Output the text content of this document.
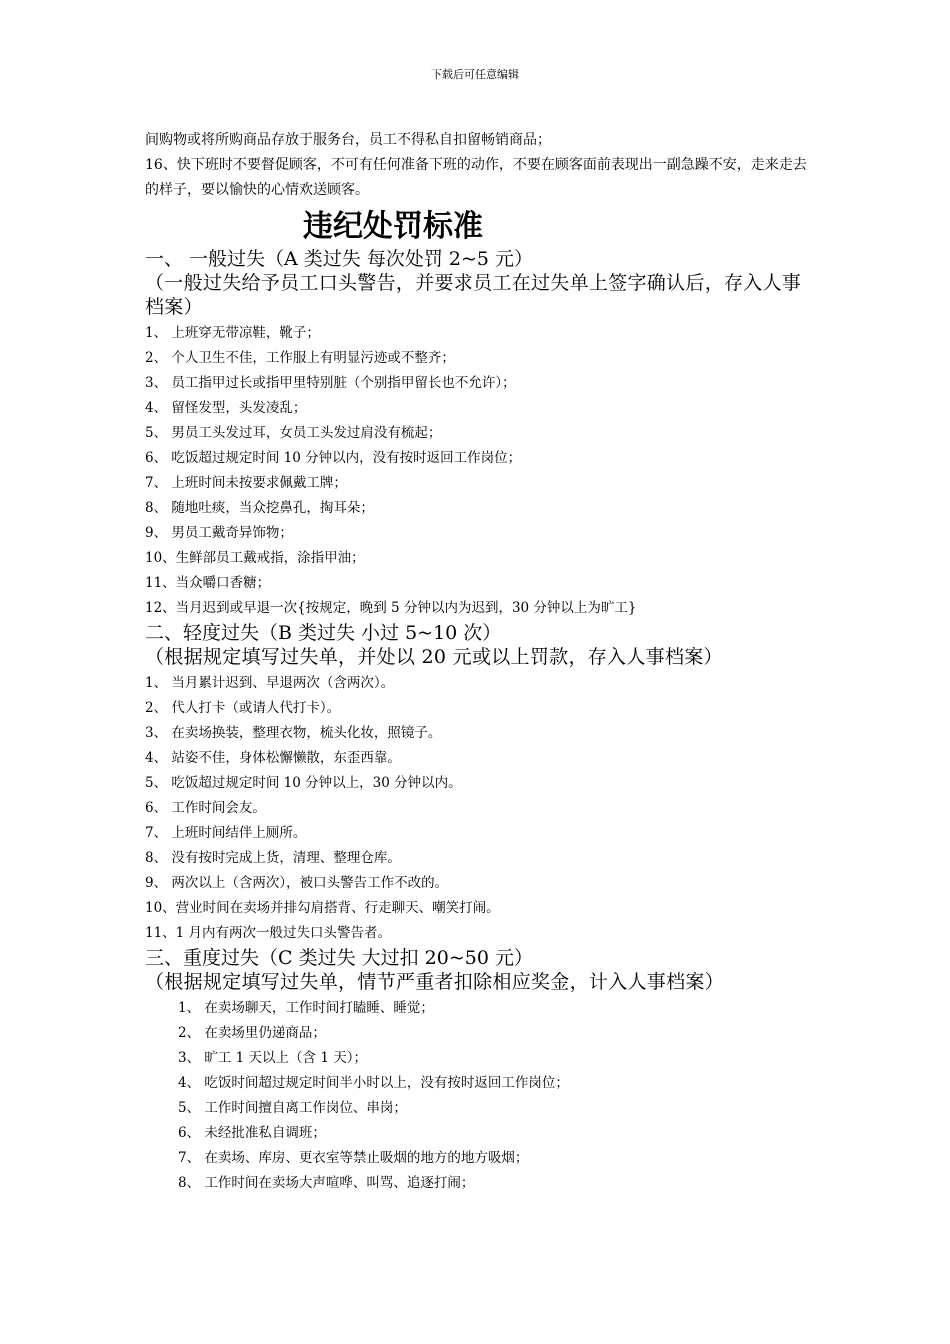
下载后可任意编辑

间购物或将所购商品存放于服务台，员工不得私自扣留畅销商品；

16、快下班时不要督促顾客，不可有任何准备下班的动作，不要在顾客面前表现出一副急躁不安，走来走去的样子，要以愉快的心情欢送顾客。

违纪处罚标准
一、 一般过失（A 类过失 每次处罚 2~5 元）
（一般过失给予员工口头警告，并要求员工在过失单上签字确认后，存入人事档案）
1、 上班穿无带凉鞋，靴子；
2、 个人卫生不佳，工作服上有明显污迹或不整齐；
3、 员工指甲过长或指甲里特别脏（个别指甲留长也不允许）；
4、 留怪发型，头发凌乱；
5、 男员工头发过耳，女员工头发过肩没有梳起；
6、 吃饭超过规定时间 10 分钟以内，没有按时返回工作岗位；
7、 上班时间未按要求佩戴工牌；
8、 随地吐痰，当众挖鼻孔，掏耳朵；
9、 男员工戴奇异饰物；
10、生鲜部员工戴戒指，涂指甲油；
11、当众嚼口香糖；
12、当月迟到或早退一次{按规定，晚到 5 分钟以内为迟到，30 分钟以上为旷工}
二、轻度过失（B 类过失 小过 5~10 次）
（根据规定填写过失单，并处以 20 元或以上罚款，存入人事档案）
1、 当月累计迟到、早退两次（含两次）。
2、 代人打卡（或请人代打卡）。
3、 在卖场换装，整理衣物，梳头化妆，照镜子。
4、 站姿不佳，身体松懈懒散，东歪西靠。
5、 吃饭超过规定时间 10 分钟以上，30 分钟以内。
6、 工作时间会友。
7、 上班时间结伴上厕所。
8、 没有按时完成上货，清理、整理仓库。
9、 两次以上（含两次），被口头警告工作不改的。
10、营业时间在卖场并排勾肩搭背、行走聊天、嘲笑打闹。
11、1 月内有两次一般过失口头警告者。
三、重度过失（C 类过失 大过扣 20~50 元）
（根据规定填写过失单，情节严重者扣除相应奖金，计入人事档案）
1、 在卖场聊天，工作时间打瞌睡、睡觉；
2、 在卖场里仍递商品；
3、 旷工 1 天以上（含 1 天）；
4、 吃饭时间超过规定时间半小时以上，没有按时返回工作岗位；
5、 工作时间擅自离工作岗位、串岗；
6、 未经批准私自调班；
7、 在卖场、库房、更衣室等禁止吸烟的地方的地方吸烟；
8、 工作时间在卖场大声喧哗、叫骂、追逐打闹；
